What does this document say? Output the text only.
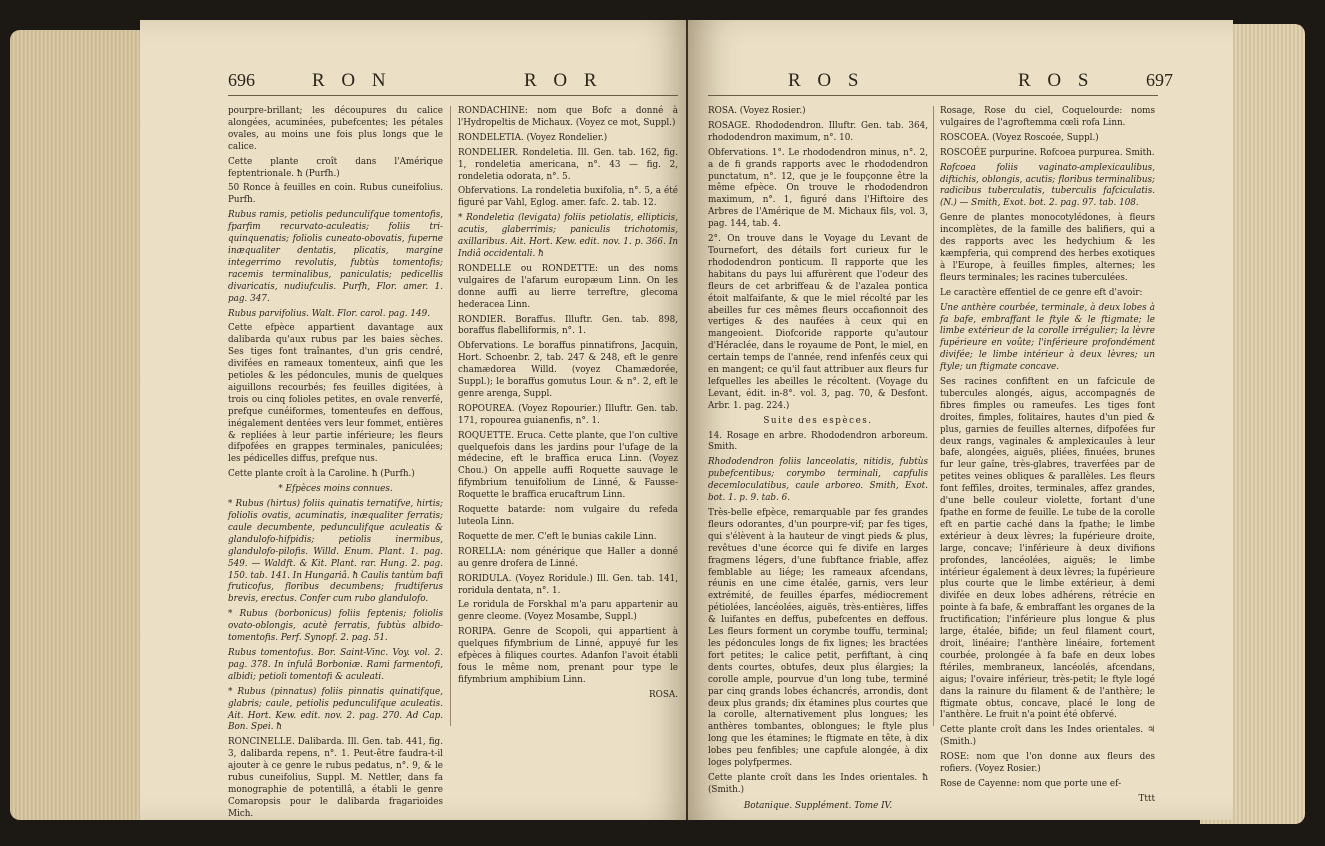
696	R O N	R O R

pourpre-brillant; les découpures du calice alongées, acuminées, pubefcentes; les pétales ovales, au moins une fois plus longs que le calice.

Cette plante croît dans l'Amérique feptentrionale. ħ (Purfh.)

50 Ronce à feuilles en coin. Rubus cuneifolius. Purfh.

Rubus ramis, petiolis pedunculifque tomentofis, fparfim recurvato-aculeatis; foliis tri-quinquenatis; foliolis cuneato-obovatis, fuperne inæqualiter dentatis, plicatis, margine integerrimo revolutis, fubtùs tomentofis; racemis terminalibus, paniculatis; pedicellis divaricatis, nudiufculis. Purfh, Flor. amer. 1. pag. 347.

Rubus parvifolius. Walt. Flor. carol. pag. 149.

Cette efpèce appartient davantage aux dalibarda qu'aux rubus par les baies sèches. Ses tiges font traînantes, d'un gris cendré, divifées en rameaux tomenteux, ainfi que les petioles & les pédoncules, munis de quelques aiguillons recourbés; fes feuilles digitées, à trois ou cinq folioles petites, en ovale renverfé, prefque cunéiformes, tomenteufes en deffous, inégalement dentées vers leur fommet, entières & repliées à leur partie inférieure; les fleurs difpofées en grappes terminales, paniculées; les pédicelles diffus, prefque nus.

Cette plante croît à la Caroline. ħ (Purfh.)

* Efpèces moins connues.

* Rubus (hirtus) foliis quinatis ternatifve, hirtis; foliolis ovatis, acuminatis, inæqualiter ferratis; caule decumbente, pedunculifque aculeatis & glandulofo-hifpidis; petiolis inermibus, glandulofo-pilofis. Willd. Enum. Plant. 1. pag. 549. — Waldft. & Kit. Plant. rar. Hung. 2. pag. 150. tab. 141. In Hungariâ. ħ Caulis tantùm bafi fruticofus, floribus decumbens; frudtiferus brevis, erectus. Confer cum rubo glandulofo.

* Rubus (borbonicus) foliis feptenis; foliolis ovato-oblongis, acutè ferratis, fubtùs albido-tomentofis. Perf. Synopf. 2. pag. 51.

Rubus tomentofus. Bor. Saint-Vinc. Voy. vol. 2. pag. 378. In infulâ Borboniæ. Rami farmentofi, albidi; petioli tomentofi & aculeati.

* Rubus (pinnatus) foliis pinnatis quinatifque, glabris; caule, petiolis pedunculifque aculeatis. Ait. Hort. Kew. edit. nov. 2. pag. 270. Ad Cap. Bon. Spei. ħ

RONCINELLE. Dalibarda. Ill. Gen. tab. 441, fig. 3, dalibarda repens, n°. 1. Peut-être faudra-t-il ajouter à ce genre le rubus pedatus, n°. 9, & le rubus cuneifolius, Suppl. M. Nettler, dans fa monographie de potentillâ, a établi le genre Comaropsis pour le dalibarda fragarioides Mich.

RONDACHINE: nom que Bofc a donné à l'Hydropeltis de Michaux. (Voyez ce mot, Suppl.)

RONDELETIA. (Voyez Rondelier.)

RONDELIER. Rondeletia. Ill. Gen. tab. 162, fig. 1, rondeletia americana, n°. 43 — fig. 2, rondeletia odorata, n°. 5.

Obfervations. La rondeletia buxifolia, n°. 5, a été figuré par Vahl, Eglog. amer. fafc. 2. tab. 12.

* Rondeletia (levigata) foliis petiolatis, ellipticis, acutis, glaberrimis; paniculis trichotomis, axillaribus. Ait. Hort. Kew. edit. nov. 1. p. 366. In Indiâ occidentali. ħ

RONDELLE ou RONDETTE: un des noms vulgaires de l'afarum europæum Linn. On les donne auffi au lierre terreftre, glecoma hederacea Linn.

RONDIER. Boraffus. Illuftr. Gen. tab. 898, boraffus flabelliformis, n°. 1.

Obfervations. Le boraffus pinnatifrons, Jacquin, Hort. Schoenbr. 2, tab. 247 & 248, eft le genre chamædorea Willd. (voyez Chamædorée, Suppl.); le boraffus gomutus Lour. & n°. 2, eft le genre arenga, Suppl.

ROPOUREA. (Voyez Ropourier.) Illuftr. Gen. tab. 171, ropourea guianenfis, n°. 1.

ROQUETTE. Eruca. Cette plante, que l'on cultive quelquefois dans les jardins pour l'ufage de la médecine, eft le braffica eruca Linn. (Voyez Chou.) On appelle auffi Roquette sauvage le fifymbrium tenuifolium de Linné, & Fausse-Roquette le braffica erucaftrum Linn.

Roquette batarde: nom vulgaire du refeda luteola Linn.

Roquette de mer. C'eft le bunias cakile Linn.

RORELLA: nom générique que Haller a donné au genre drofera de Linné.

RORIDULA. (Voyez Roridule.) Ill. Gen. tab. 141, roridula dentata, n°. 1.

Le roridula de Forskhal m'a paru appartenir au genre cleome. (Voyez Mosambe, Suppl.)

RORIPA. Genre de Scopoli, qui appartient à quelques fifymbrium de Linné, appuyé fur les efpèces à filiques courtes. Adanfon l'avoit établi fous le même nom, prenant pour type le fifymbrium amphibium Linn.

ROSA.

R O S	R O S	697

ROSA. (Voyez Rosier.)

ROSAGE. Rhododendron. Illuftr. Gen. tab. 364, rhododendron maximum, n°. 10.

Obfervations. 1°. Le rhododendron minus, n°. 2, a de fi grands rapports avec le rhododendron punctatum, n°. 12, que je le foupçonne être la même efpèce. On trouve le rhododendron maximum, n°. 1, figuré dans l'Hiftoire des Arbres de l'Amérique de M. Michaux fils, vol. 3, pag. 144, tab. 4.

2°. On trouve dans le Voyage du Levant de Tournefort, des détails fort curieux fur le rhododendron ponticum. Il rapporte que les habitans du pays lui affurèrent que l'odeur des fleurs de cet arbriffeau & de l'azalea pontica étoit malfaifante, & que le miel récolté par les abeilles fur ces mêmes fleurs occafionnoit des vertiges & des naufées à ceux qui en mangeoient. Diofcoride rapporte qu'autour d'Héraclée, dans le royaume de Pont, le miel, en certain temps de l'année, rend infenfés ceux qui en mangent; ce qu'il faut attribuer aux fleurs fur lefquelles les abeilles le récoltent. (Voyage du Levant, édit. in-8°. vol. 3, pag. 70, & Desfont. Arbr. 1. pag. 224.)

Suite des espèces.

14. Rosage en arbre. Rhododendron arboreum. Smith.

Rhododendron foliis lanceolatis, nitidis, fubtùs pubefcentibus; corymbo terminali, capfulis decemloculatibus, caule arboreo. Smith, Exot. bot. 1. p. 9. tab. 6.

Très-belle efpèce, remarquable par fes grandes fleurs odorantes, d'un pourpre-vif; par fes tiges, qui s'élèvent à la hauteur de vingt pieds & plus, revêtues d'une écorce qui fe divife en larges fragmens légers, d'une fubftance friable, affez femblable au liége; les rameaux afcendans, réunis en une cime étalée, garnis, vers leur extrémité, de feuilles éparfes, médiocrement pétiolées, lancéolées, aiguës, très-entières, liffes & luifantes en deffus, pubefcentes en deffous. Les fleurs forment un corymbe touffu, terminal; les pédoncules longs de fix lignes; les bractées fort petites; le calice petit, perfiftant, à cinq dents courtes, obtufes, deux plus élargies; la corolle ample, pourvue d'un long tube, terminé par cinq grands lobes échancrés, arrondis, dont deux plus grands; dix étamines plus courtes que la corolle, alternativement plus longues; les anthères tombantes, oblongues; le ftyle plus long que les étamines; le ftigmate en tête, à dix lobes peu fenfibles; une capfule alongée, à dix loges polyfpermes.

Cette plante croît dans les Indes orientales. ħ (Smith.)

Botanique. Supplément. Tome IV.

Rosage, Rose du ciel, Coquelourde: noms vulgaires de l'agroftemma cœli rofa Linn.

ROSCOEA. (Voyez Roscoée, Suppl.)

ROSCOÉE purpurine. Rofcoea purpurea. Smith.

Rofcoea foliis vaginato-amplexicaulibus, diftichis, oblongis, acutis; floribus terminalibus; radicibus tuberculatis, tuberculis fafciculatis. (N.) — Smith, Exot. bot. 2. pag. 97. tab. 108.

Genre de plantes monocotylédones, à fleurs incomplètes, de la famille des balifiers, qui a des rapports avec les hedychium & les kæmpferia, qui comprend des herbes exotiques à l'Europe, à feuilles fimples, alternes; les fleurs terminales; les racines tuberculées.

Le caractère effentiel de ce genre eft d'avoir:

Une anthère courbée, terminale, à deux lobes à fa bafe, embraffant le ftyle & le ftigmate; le limbe extérieur de la corolle irrégulier; la lèvre fupérieure en voûte; l'inférieure profondément divifée; le limbe intérieur à deux lèvres; un ftyle; un ftigmate concave.

Ses racines confiftent en un fafcicule de tubercules alongés, aigus, accompagnés de fibres fimples ou rameufes. Les tiges font droites, fimples, folitaires, hautes d'un pied & plus, garnies de feuilles alternes, difpofées fur deux rangs, vaginales & amplexicaules à leur bafe, alongées, aiguës, pliées, finuées, brunes fur leur gaîne, très-glabres, traverfées par de petites veines obliques & parallèles. Les fleurs font feffiles, droites, terminales, affez grandes, d'une belle couleur violette, fortant d'une fpathe en forme de feuille. Le tube de la corolle eft en partie caché dans la fpathe; le limbe extérieur à deux lèvres; la fupérieure droite, large, concave; l'inférieure à deux divifions profondes, lancéolées, aiguës; le limbe intérieur également à deux lèvres; la fupérieure plus courte que le limbe extérieur, à demi divifée en deux lobes adhérens, rétrécie en pointe à fa bafe, & embraffant les organes de la fructification; l'inférieure plus longue & plus large, étalée, bifide; un feul filament court, droit, linéaire; l'anthère linéaire, fortement courbée, prolongée à fa bafe en deux lobes ftériles, membraneux, lancéolés, afcendans, aigus; l'ovaire inférieur, très-petit; le ftyle logé dans la rainure du filament & de l'anthère; le ftigmate obtus, concave, placé le long de l'anthère. Le fruit n'a point été obfervé.

Cette plante croît dans les Indes orientales. ♃ (Smith.)

ROSE: nom que l'on donne aux fleurs des rofiers. (Voyez Rosier.)

Rose de Cayenne: nom que porte une ef-

Tttt
